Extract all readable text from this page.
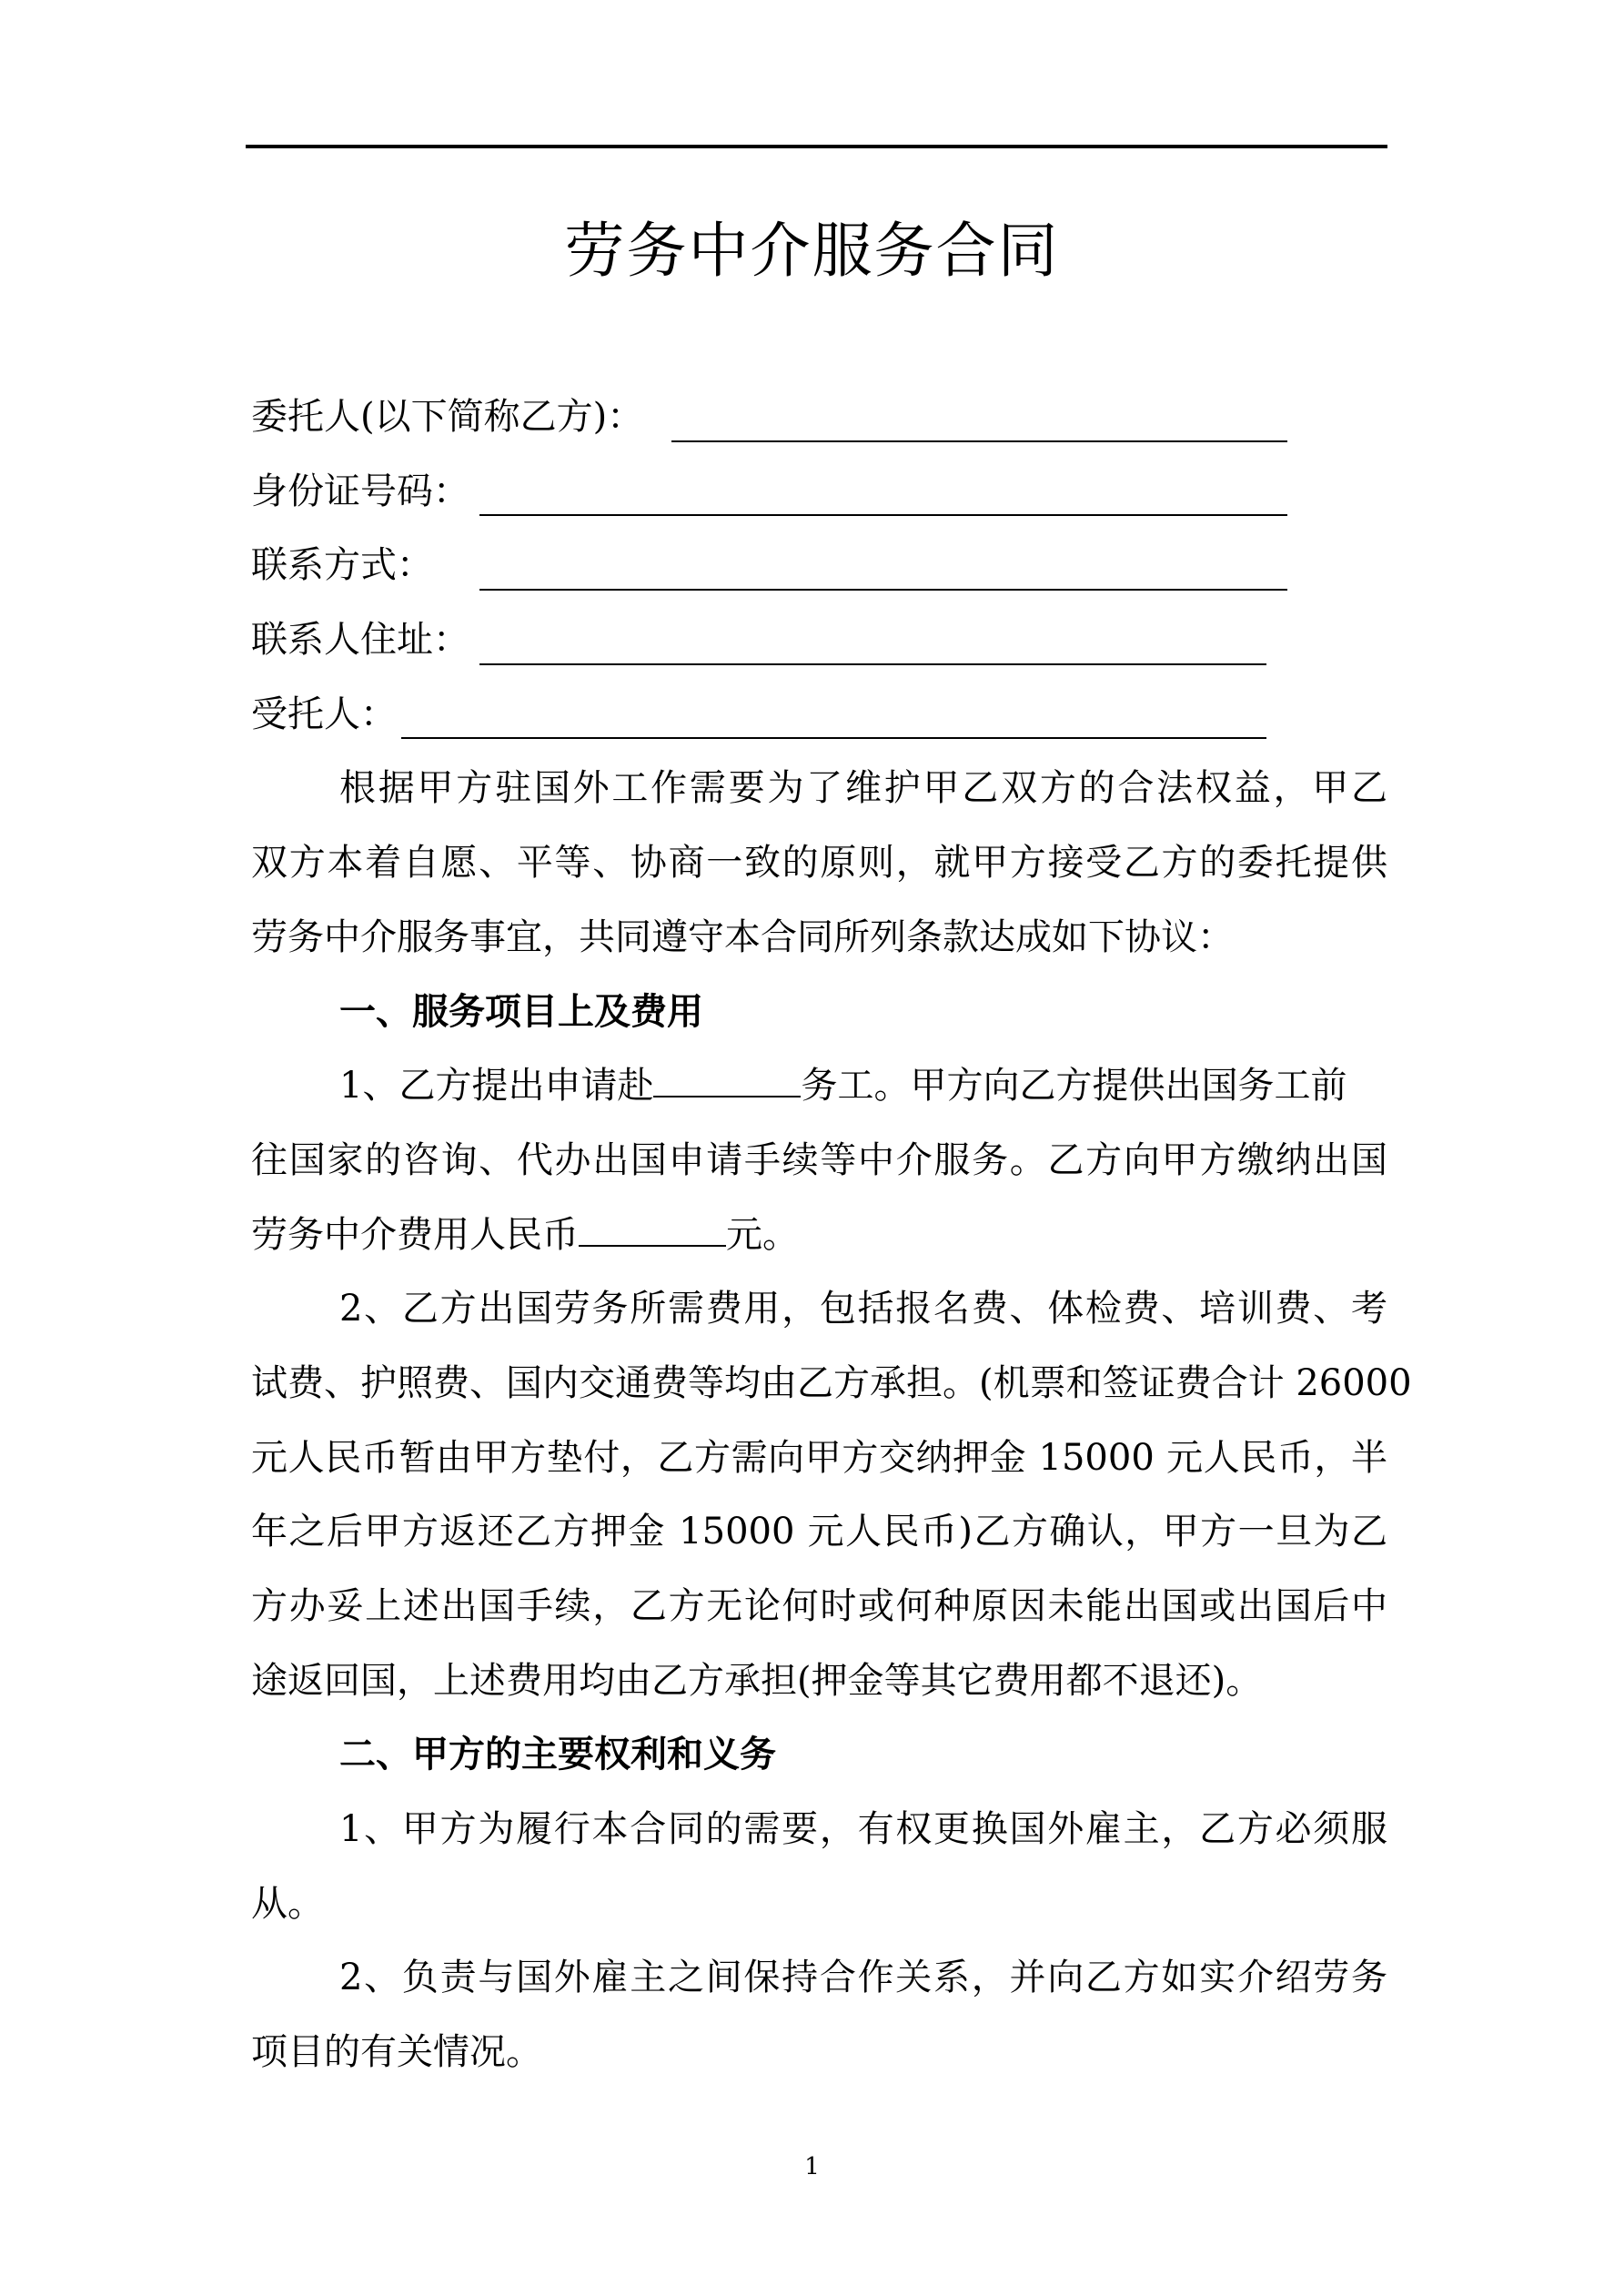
劳务中介服务合同
委托人(以下简称乙方)：
身份证号码：
联系方式：
联系人住址：
受托人：
根据甲方驻国外工作需要为了维护甲乙双方的合法权益，甲乙
双方本着自愿、平等、协商一致的原则，就甲方接受乙方的委托提供
劳务中介服务事宜，共同遵守本合同所列条款达成如下协议：
一、服务项目上及费用
1、乙方提出申请赴	务工。甲方向乙方提供出国务工前
往国家的咨询、代办出国申请手续等中介服务。乙方向甲方缴纳出国
劳务中介费用人民币	元。
2、乙方出国劳务所需费用，包括报名费、体检费、培训费、考
试费、护照费、国内交通费等均由乙方承担。(机票和签证费合计 26000
元人民币暂由甲方垫付，乙方需向甲方交纳押金 15000 元人民币，半
年之后甲方返还乙方押金 15000 元人民币)乙方确认，甲方一旦为乙
方办妥上述出国手续，乙方无论何时或何种原因未能出国或出国后中
途返回国，上述费用均由乙方承担(押金等其它费用都不退还)。
二、甲方的主要权利和义务
1、甲方为履行本合同的需要，有权更换国外雇主，乙方必须服
从。
2、负责与国外雇主之间保持合作关系，并向乙方如实介绍劳务
项目的有关情况。
1
